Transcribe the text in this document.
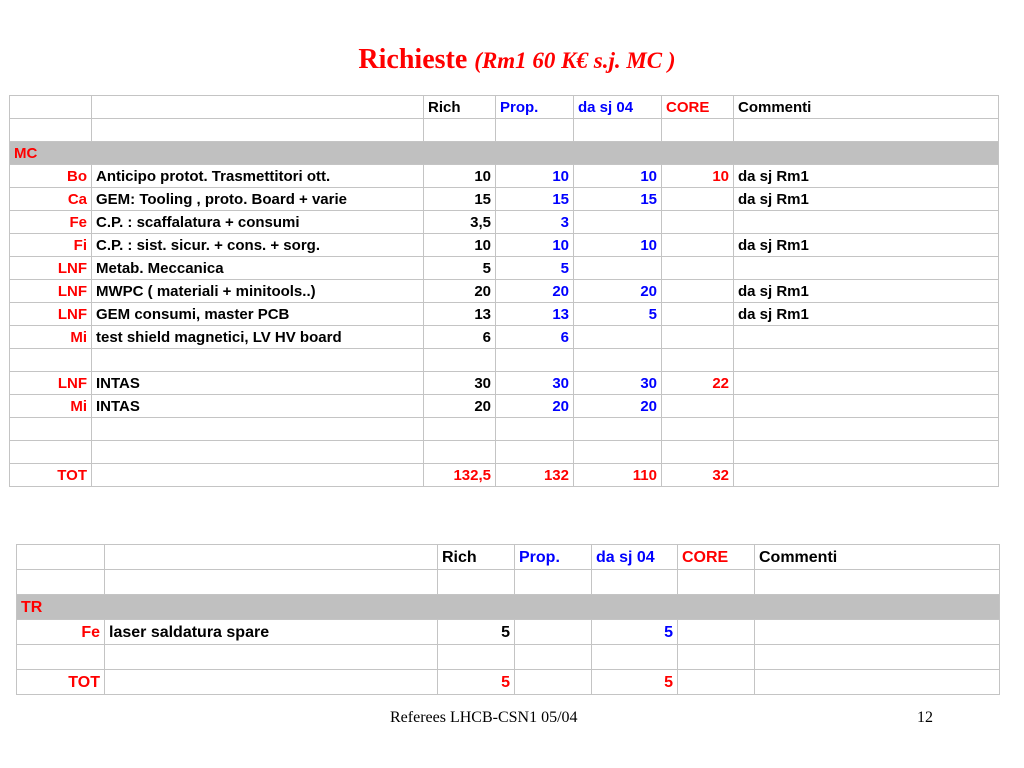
Richieste (Rm1 60 K€ s.j. MC )
		Rich	Prop.	da sj 04	CORE	Commenti

MC						
Bo	Anticipo protot. Trasmettitori ott.	10	10	10	10	da sj Rm1
Ca	GEM: Tooling , proto. Board + varie	15	15	15		da sj Rm1
Fe	C.P. : scaffalatura + consumi	3,5	3			
Fi	C.P. : sist. sicur. + cons. + sorg.	10	10	10		da sj Rm1
LNF	Metab. Meccanica	5	5			
LNF	MWPC ( materiali + minitools..)	20	20	20		da sj Rm1
LNF	GEM consumi, master PCB	13	13	5		da sj Rm1
Mi	test shield magnetici, LV HV board	6	6			

LNF	INTAS	30	30	30	22	
Mi	INTAS	20	20	20		

TOT		132,5	132	110	32	
		Rich	Prop.	da sj 04	CORE	Commenti

TR						
Fe	laser saldatura spare	5		5		

TOT		5		5		
Referees LHCB-CSN1 05/04	12
